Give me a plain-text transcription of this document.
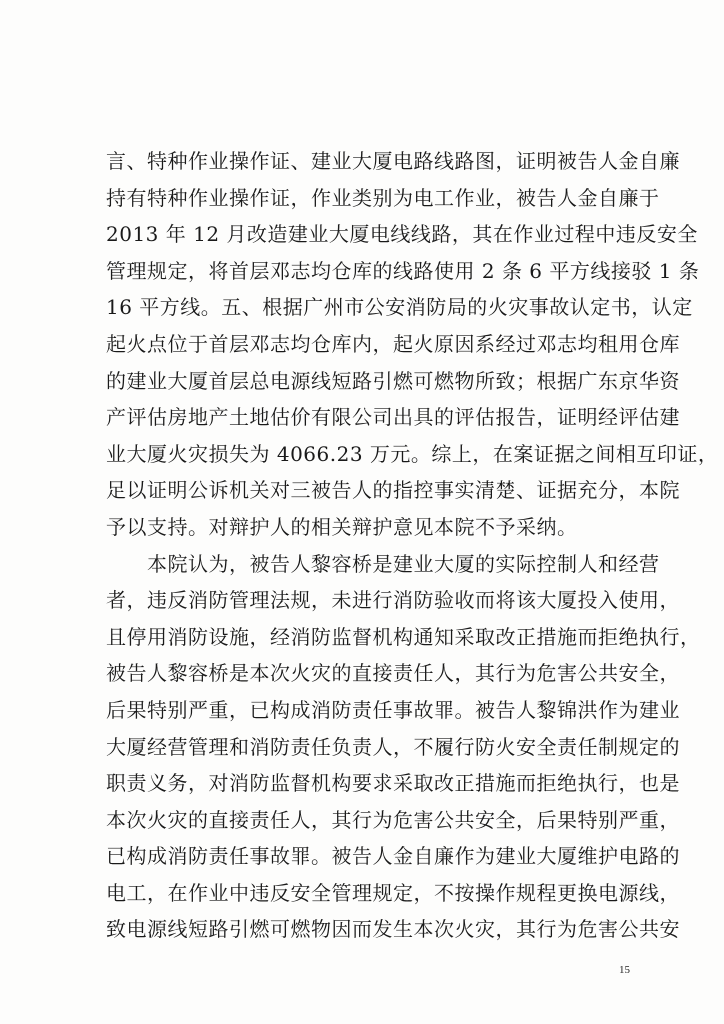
言、特种作业操作证、建业大厦电路线路图，证明被告人金自廉
持有特种作业操作证，作业类别为电工作业，被告人金自廉于
2013 年 12 月改造建业大厦电线线路，其在作业过程中违反安全
管理规定，将首层邓志均仓库的线路使用 2 条 6 平方线接驳 1 条
16 平方线。五、根据广州市公安消防局的火灾事故认定书，认定
起火点位于首层邓志均仓库内，起火原因系经过邓志均租用仓库
的建业大厦首层总电源线短路引燃可燃物所致；根据广东京华资
产评估房地产土地估价有限公司出具的评估报告，证明经评估建
业大厦火灾损失为 4066.23 万元。综上，在案证据之间相互印证，
足以证明公诉机关对三被告人的指控事实清楚、证据充分，本院
予以支持。对辩护人的相关辩护意见本院不予采纳。
　　本院认为，被告人黎容桥是建业大厦的实际控制人和经营
者，违反消防管理法规，未进行消防验收而将该大厦投入使用，
且停用消防设施，经消防监督机构通知采取改正措施而拒绝执行，
被告人黎容桥是本次火灾的直接责任人，其行为危害公共安全，
后果特别严重，已构成消防责任事故罪。被告人黎锦洪作为建业
大厦经营管理和消防责任负责人，不履行防火安全责任制规定的
职责义务，对消防监督机构要求采取改正措施而拒绝执行，也是
本次火灾的直接责任人，其行为危害公共安全，后果特别严重，
已构成消防责任事故罪。被告人金自廉作为建业大厦维护电路的
电工，在作业中违反安全管理规定，不按操作规程更换电源线，
致电源线短路引燃可燃物因而发生本次火灾，其行为危害公共安
15
